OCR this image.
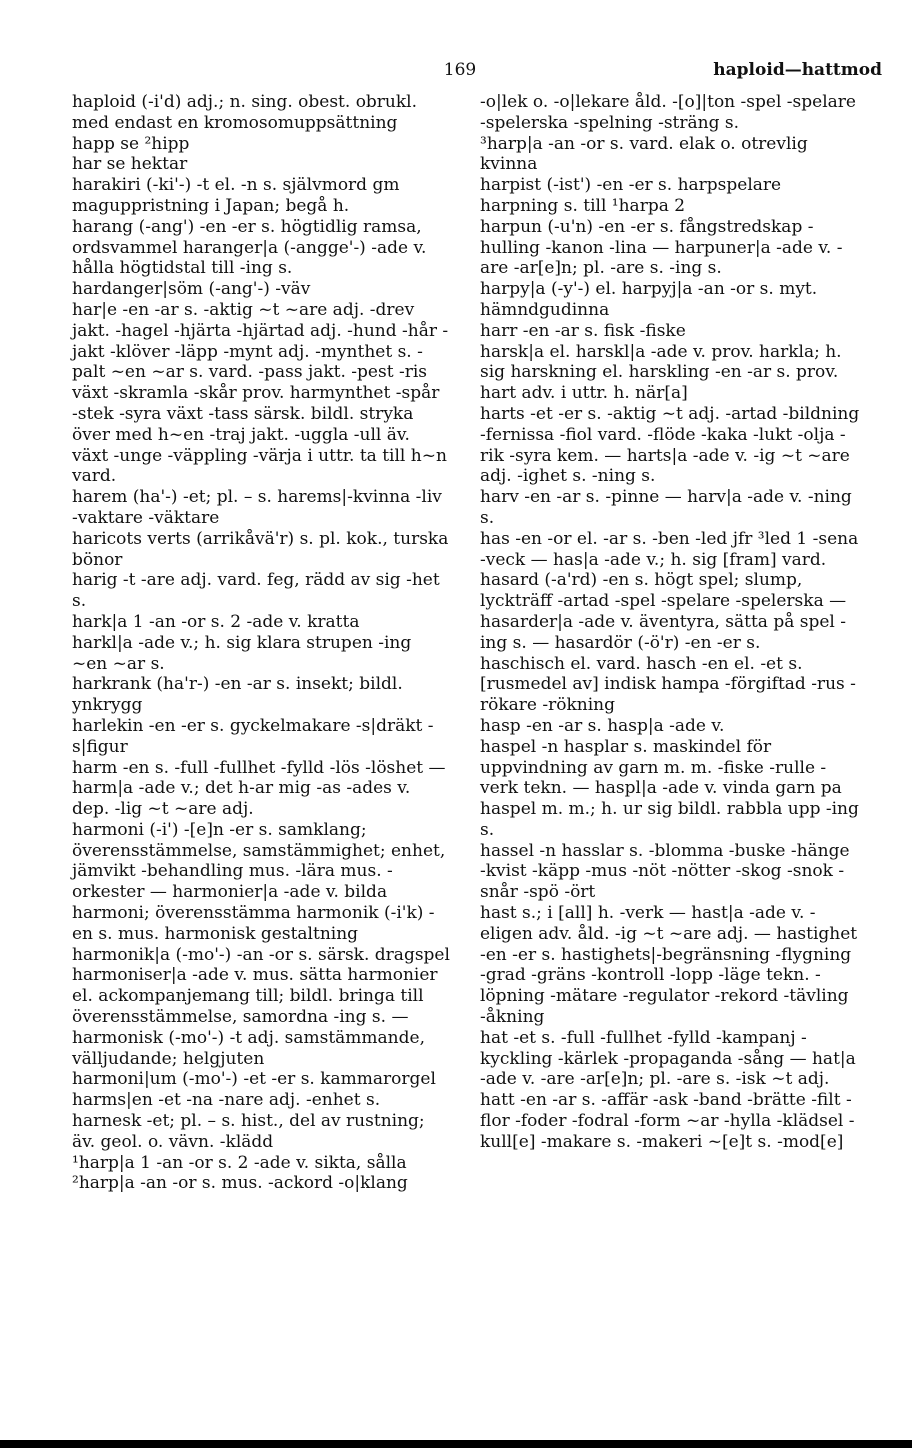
169	haploid—hattmod

haploid (-i'd) adj.; n. sing. obest. obrukl. med endast en kromosomuppsättning

happ se ²hipp

har se hektar

harakiri (-ki'-) -t el. -n s. självmord gm maguppristning i Japan; begå h.

harang (-ang') -en -er s. högtidlig ramsa, ordsvammel haranger|a (-angge'-) -ade v. hålla högtidstal till -ing s.

hardanger|söm (-ang'-) -väv

har|e -en -ar s. -aktig ~t ~are adj. -drev jakt. -hagel -hjärta -hjärtad adj. -hund -hår -jakt -klöver -läpp -mynt adj. -mynthet s. -palt ~en ~ar s. vard. -pass jakt. -pest -ris växt -skramla -skår prov. harmynthet -spår -stek -syra växt -tass särsk. bildl. stryka över med h~en -traj jakt. -uggla -ull äv. växt -unge -väppling -värja i uttr. ta till h~n vard.

harem (ha'-) -et; pl. – s. harems|-kvinna -liv -vaktare -väktare

haricots verts (arrikåvä'r) s. pl. kok., turska bönor

harig -t -are adj. vard. feg, rädd av sig -het s.

hark|a 1 -an -or s. 2 -ade v. kratta

harkl|a -ade v.; h. sig klara strupen -ing ~en ~ar s.

harkrank (ha'r-) -en -ar s. insekt; bildl. ynkrygg

harlekin -en -er s. gyckelmakare -s|dräkt -s|figur

harm -en s. -full -fullhet -fylld -lös -löshet — harm|a -ade v.; det h-ar mig -as -ades v. dep. -lig ~t ~are adj.

harmoni (-i') -[e]n -er s. samklang; överensstämmelse, samstämmighet; enhet, jämvikt -behandling mus. -lära mus. -orkester — harmonier|a -ade v. bilda harmoni; överensstämma harmonik (-i'k) -en s. mus. harmonisk gestaltning harmonik|a (-mo'-) -an -or s. särsk. dragspel harmoniser|a -ade v. mus. sätta harmonier el. ackompanjemang till; bildl. bringa till överensstämmelse, samordna -ing s. — harmonisk (-mo'-) -t adj. samstämmande, välljudande; helgjuten

harmoni|um (-mo'-) -et -er s. kammarorgel

harms|en -et -na -nare adj. -enhet s.

harnesk -et; pl. – s. hist., del av rustning; äv. geol. o. vävn. -klädd

¹harp|a 1 -an -or s. 2 -ade v. sikta, sålla

²harp|a -an -or s. mus. -ackord -o|klang

-o|lek o. -o|lekare åld. -[o]|ton -spel -spelare -spelerska -spelning -sträng s.

³harp|a -an -or s. vard. elak o. otrevlig kvinna

harpist (-ist') -en -er s. harpspelare

harpning s. till ¹harpa 2

harpun (-u'n) -en -er s. fångstredskap -hulling -kanon -lina — harpuner|a -ade v. -are -ar[e]n; pl. -are s. -ing s.

harpy|a (-y'-) el. harpyj|a -an -or s. myt. hämndgudinna

harr -en -ar s. fisk -fiske

harsk|a el. harskl|a -ade v. prov. harkla; h. sig harskning el. harskling -en -ar s. prov.

hart adv. i uttr. h. när[a]

harts -et -er s. -aktig ~t adj. -artad -bildning -fernissa -fiol vard. -flöde -kaka -lukt -olja -rik -syra kem. — harts|a -ade v. -ig ~t ~are adj. -ighet s. -ning s.

harv -en -ar s. -pinne — harv|a -ade v. -ning s.

has -en -or el. -ar s. -ben -led jfr ³led 1 -sena -veck — has|a -ade v.; h. sig [fram] vard.

hasard (-a'rd) -en s. högt spel; slump, lyckträff -artad -spel -spelare -spelerska — hasarder|a -ade v. äventyra, sätta på spel -ing s. — hasardör (-ö'r) -en -er s.

haschisch el. vard. hasch -en el. -et s. [rusmedel av] indisk hampa -förgiftad -rus -rökare -rökning

hasp -en -ar s. hasp|a -ade v.

haspel -n hasplar s. maskindel för uppvindning av garn m. m. -fiske -rulle -verk tekn. — haspl|a -ade v. vinda garn pa haspel m. m.; h. ur sig bildl. rabbla upp -ing s.

hassel -n hasslar s. -blomma -buske -hänge -kvist -käpp -mus -nöt -nötter -skog -snok -snår -spö -ört

hast s.; i [all] h. -verk — hast|a -ade v. -eligen adv. åld. -ig ~t ~are adj. — hastighet -en -er s. hastighets|-begränsning -flygning -grad -gräns -kontroll -lopp -läge tekn. -löpning -mätare -regulator -rekord -tävling -åkning

hat -et s. -full -fullhet -fylld -kampanj -kyckling -kärlek -propaganda -sång — hat|a -ade v. -are -ar[e]n; pl. -are s. -isk ~t adj.

hatt -en -ar s. -affär -ask -band -brätte -filt -flor -foder -fodral -form ~ar -hylla -klädsel -kull[e] -makare s. -makeri ~[e]t s. -mod[e]
